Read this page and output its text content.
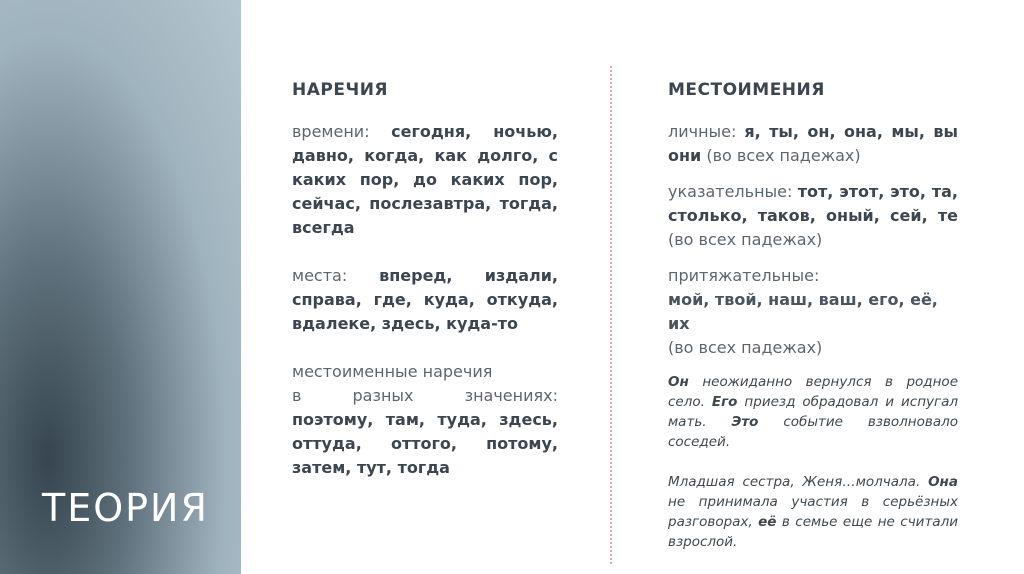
ТЕОРИЯ
НАРЕЧИЯ
времени: сегодня, ночью, давно, когда, как долго, с каких пор, до каких пор, сейчас, послезавтра, тогда, всегда
места: вперед, издали, справа, где, куда, откуда, вдалеке, здесь, куда-то
местоименные наречия
в	разных	значениях:
поэтому, там, туда, здесь, оттуда, оттого, потому, затем, тут, тогда
МЕСТОИМЕНИЯ
личные: я, ты, он, она, мы, вы они (во всех падежах)
указательные: тот, этот, это, та, столько, таков, оный, сей, те (во всех падежах)
притяжательные:
мой, твой, наш, ваш, его, её, их
(во всех падежах)
Он неожиданно вернулся в родное село. Его приезд обрадовал и испугал мать. Это событие взволновало соседей.
Младшая сестра, Женя…молчала. Она не принимала участия в серьёзных разговорах, её в семье еще не считали взрослой.
